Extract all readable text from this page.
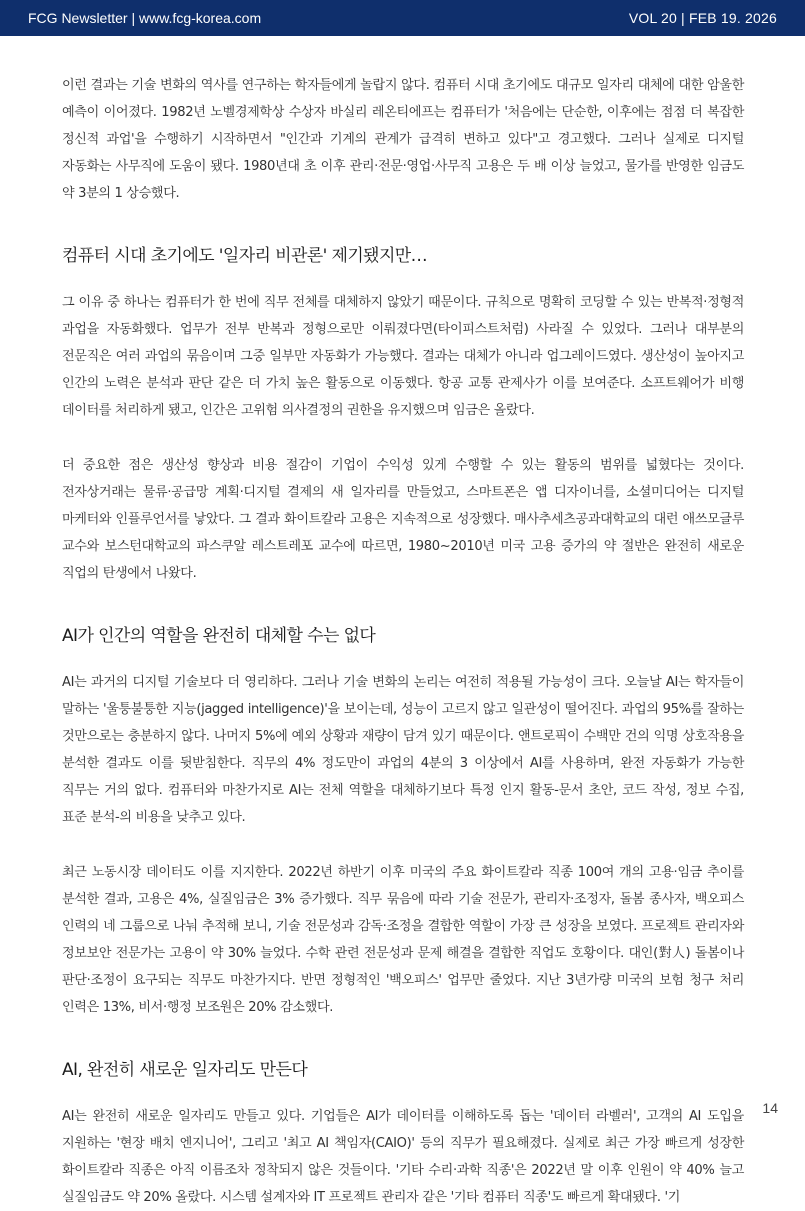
FCG Newsletter | www.fcg-korea.com	VOL 20 | FEB 19. 2026

이런 결과는 기술 변화의 역사를 연구하는 학자들에게 놀랍지 않다. 컴퓨터 시대 초기에도 대규모 일자리 대체에 대한 암울한 예측이 이어졌다. 1982년 노벨경제학상 수상자 바실리 레온티에프는 컴퓨터가 '처음에는 단순한, 이후에는 점점 더 복잡한 정신적 과업'을 수행하기 시작하면서 "인간과 기계의 관계가 급격히 변하고 있다"고 경고했다. 그러나 실제로 디지털 자동화는 사무직에 도움이 됐다. 1980년대 초 이후 관리·전문·영업·사무직 고용은 두 배 이상 늘었고, 물가를 반영한 임금도 약 3분의 1 상승했다.

컴퓨터 시대 초기에도 '일자리 비관론' 제기됐지만…

그 이유 중 하나는 컴퓨터가 한 번에 직무 전체를 대체하지 않았기 때문이다. 규칙으로 명확히 코딩할 수 있는 반복적·정형적 과업을 자동화했다. 업무가 전부 반복과 정형으로만 이뤄졌다면(타이피스트처럼) 사라질 수 있었다. 그러나 대부분의 전문직은 여러 과업의 묶음이며 그중 일부만 자동화가 가능했다. 결과는 대체가 아니라 업그레이드였다. 생산성이 높아지고 인간의 노력은 분석과 판단 같은 더 가치 높은 활동으로 이동했다. 항공 교통 관제사가 이를 보여준다. 소프트웨어가 비행 데이터를 처리하게 됐고, 인간은 고위험 의사결정의 권한을 유지했으며 임금은 올랐다.

더 중요한 점은 생산성 향상과 비용 절감이 기업이 수익성 있게 수행할 수 있는 활동의 범위를 넓혔다는 것이다. 전자상거래는 물류·공급망 계획·디지털 결제의 새 일자리를 만들었고, 스마트폰은 앱 디자이너를, 소셜미디어는 디지털 마케터와 인플루언서를 낳았다. 그 결과 화이트칼라 고용은 지속적으로 성장했다. 매사추세츠공과대학교의 대런 애쓰모글루 교수와 보스턴대학교의 파스쿠알 레스트레포 교수에 따르면, 1980~2010년 미국 고용 증가의 약 절반은 완전히 새로운 직업의 탄생에서 나왔다.

AI가 인간의 역할을 완전히 대체할 수는 없다

AI는 과거의 디지털 기술보다 더 영리하다. 그러나 기술 변화의 논리는 여전히 적용될 가능성이 크다. 오늘날 AI는 학자들이 말하는 '울퉁불퉁한 지능(jagged intelligence)'을 보이는데, 성능이 고르지 않고 일관성이 떨어진다. 과업의 95%를 잘하는 것만으로는 충분하지 않다. 나머지 5%에 예외 상황과 재량이 담겨 있기 때문이다. 앤트로픽이 수백만 건의 익명 상호작용을 분석한 결과도 이를 뒷받침한다. 직무의 4% 정도만이 과업의 4분의 3 이상에서 AI를 사용하며, 완전 자동화가 가능한 직무는 거의 없다. 컴퓨터와 마찬가지로 AI는 전체 역할을 대체하기보다 특정 인지 활동-문서 초안, 코드 작성, 정보 수집, 표준 분석-의 비용을 낮추고 있다.

최근 노동시장 데이터도 이를 지지한다. 2022년 하반기 이후 미국의 주요 화이트칼라 직종 100여 개의 고용·임금 추이를 분석한 결과, 고용은 4%, 실질임금은 3% 증가했다. 직무 묶음에 따라 기술 전문가, 관리자·조정자, 돌봄 종사자, 백오피스 인력의 네 그룹으로 나눠 추적해 보니, 기술 전문성과 감독·조정을 결합한 역할이 가장 큰 성장을 보였다. 프로젝트 관리자와 정보보안 전문가는 고용이 약 30% 늘었다. 수학 관련 전문성과 문제 해결을 결합한 직업도 호황이다. 대인(對人) 돌봄이나 판단·조정이 요구되는 직무도 마찬가지다. 반면 정형적인 '백오피스' 업무만 줄었다. 지난 3년가량 미국의 보험 청구 처리 인력은 13%, 비서·행정 보조원은 20% 감소했다.

AI, 완전히 새로운 일자리도 만든다

AI는 완전히 새로운 일자리도 만들고 있다. 기업들은 AI가 데이터를 이해하도록 돕는 '데이터 라벨러', 고객의 AI 도입을 지원하는 '현장 배치 엔지니어', 그리고 '최고 AI 책임자(CAIO)' 등의 직무가 필요해졌다. 실제로 최근 가장 빠르게 성장한 화이트칼라 직종은 아직 이름조차 정착되지 않은 것들이다. '기타 수리·과학 직종'은 2022년 말 이후 인원이 약 40% 늘고 실질임금도 약 20% 올랐다. 시스템 설계자와 IT 프로젝트 관리자 같은 '기타 컴퓨터 직종'도 빠르게 확대됐다. '기

14
